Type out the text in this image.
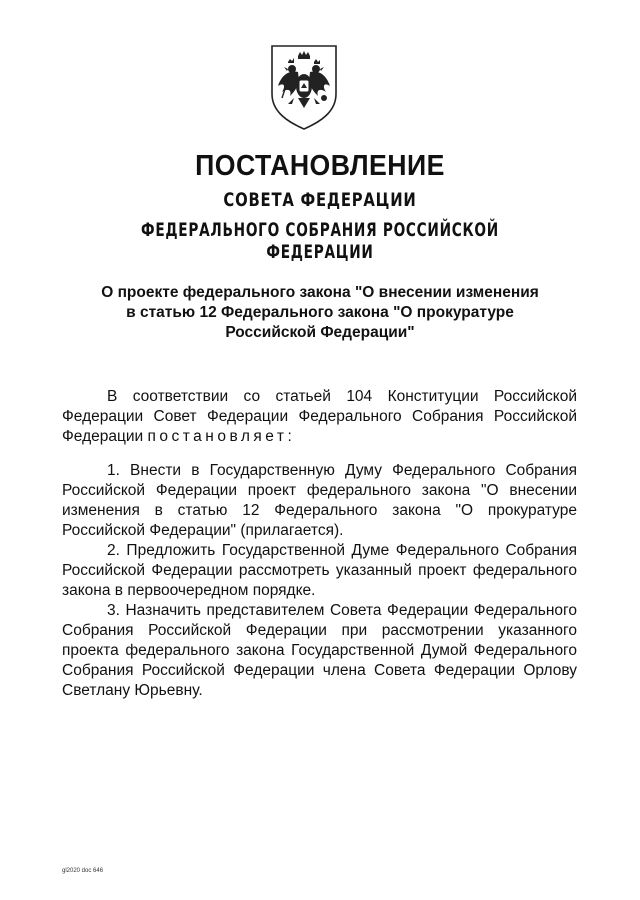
ПОСТАНОВЛЕНИЕ
СОВЕТА ФЕДЕРАЦИИ
ФЕДЕРАЛЬНОГО СОБРАНИЯ РОССИЙСКОЙ ФЕДЕРАЦИИ
О проекте федерального закона "О внесении изменения
в статью 12 Федерального закона "О прокуратуре
Российской Федерации"
В соответствии со статьей 104 Конституции Российской Федерации Совет Федерации Федерального Собрания Российской Федерации постановляет:
1. Внести в Государственную Думу Федерального Собрания Российской Федерации проект федерального закона "О внесении изменения в статью 12 Федерального закона "О прокуратуре Российской Федерации" (прилагается).
2. Предложить Государственной Думе Федерального Собрания Российской Федерации рассмотреть указанный проект федерального закона в первоочередном порядке.
3. Назначить представителем Совета Федерации Федерального Собрания Российской Федерации при рассмотрении указанного проекта федерального закона Государственной Думой Федерального Собрания Российской Федерации члена Совета Федерации Орлову Светлану Юрьевну.
gl2020 doc 646
